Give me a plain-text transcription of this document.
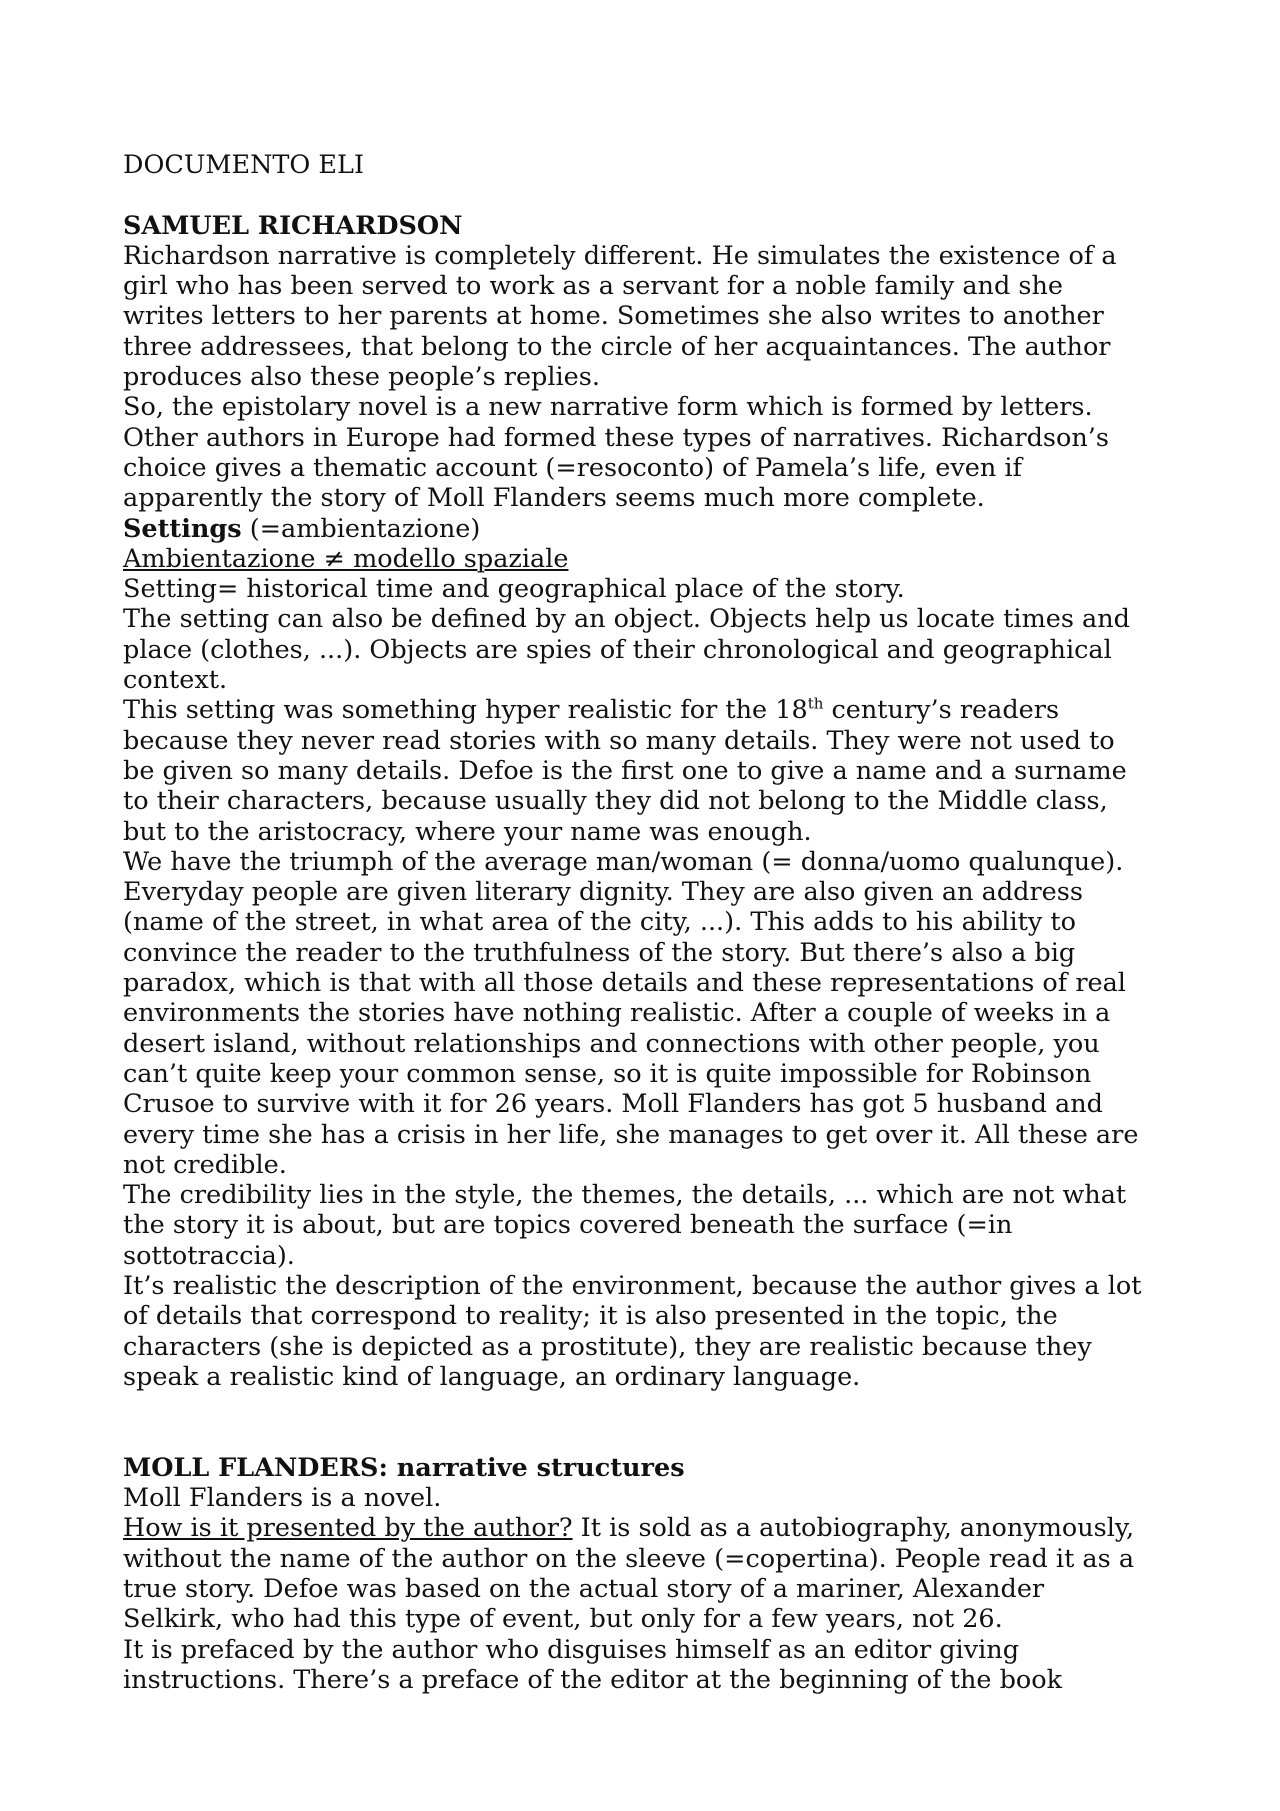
DOCUMENTO ELI
SAMUEL RICHARDSON
Richardson narrative is completely different. He simulates the existence of a
girl who has been served to work as a servant for a noble family and she
writes letters to her parents at home. Sometimes she also writes to another
three addressees, that belong to the circle of her acquaintances. The author
produces also these people’s replies.
So, the epistolary novel is a new narrative form which is formed by letters.
Other authors in Europe had formed these types of narratives. Richardson’s
choice gives a thematic account (=resoconto) of Pamela’s life, even if
apparently the story of Moll Flanders seems much more complete.
Settings (=ambientazione)
Ambientazione ≠ modello spaziale
Setting= historical time and geographical place of the story.
The setting can also be defined by an object. Objects help us locate times and
place (clothes, ...). Objects are spies of their chronological and geographical
context.
This setting was something hyper realistic for the 18th century’s readers
because they never read stories with so many details. They were not used to
be given so many details. Defoe is the first one to give a name and a surname
to their characters, because usually they did not belong to the Middle class,
but to the aristocracy, where your name was enough.
We have the triumph of the average man/woman (= donna/uomo qualunque).
Everyday people are given literary dignity. They are also given an address
(name of the street, in what area of the city, ...). This adds to his ability to
convince the reader to the truthfulness of the story. But there’s also a big
paradox, which is that with all those details and these representations of real
environments the stories have nothing realistic. After a couple of weeks in a
desert island, without relationships and connections with other people, you
can’t quite keep your common sense, so it is quite impossible for Robinson
Crusoe to survive with it for 26 years. Moll Flanders has got 5 husband and
every time she has a crisis in her life, she manages to get over it. All these are
not credible.
The credibility lies in the style, the themes, the details, ... which are not what
the story it is about, but are topics covered beneath the surface (=in
sottotraccia).
It’s realistic the description of the environment, because the author gives a lot
of details that correspond to reality; it is also presented in the topic, the
characters (she is depicted as a prostitute), they are realistic because they
speak a realistic kind of language, an ordinary language.
MOLL FLANDERS: narrative structures
Moll Flanders is a novel.
How is it presented by the author? It is sold as a autobiography, anonymously,
without the name of the author on the sleeve (=copertina). People read it as a
true story. Defoe was based on the actual story of a mariner, Alexander
Selkirk, who had this type of event, but only for a few years, not 26.
It is prefaced by the author who disguises himself as an editor giving
instructions. There’s a preface of the editor at the beginning of the book
